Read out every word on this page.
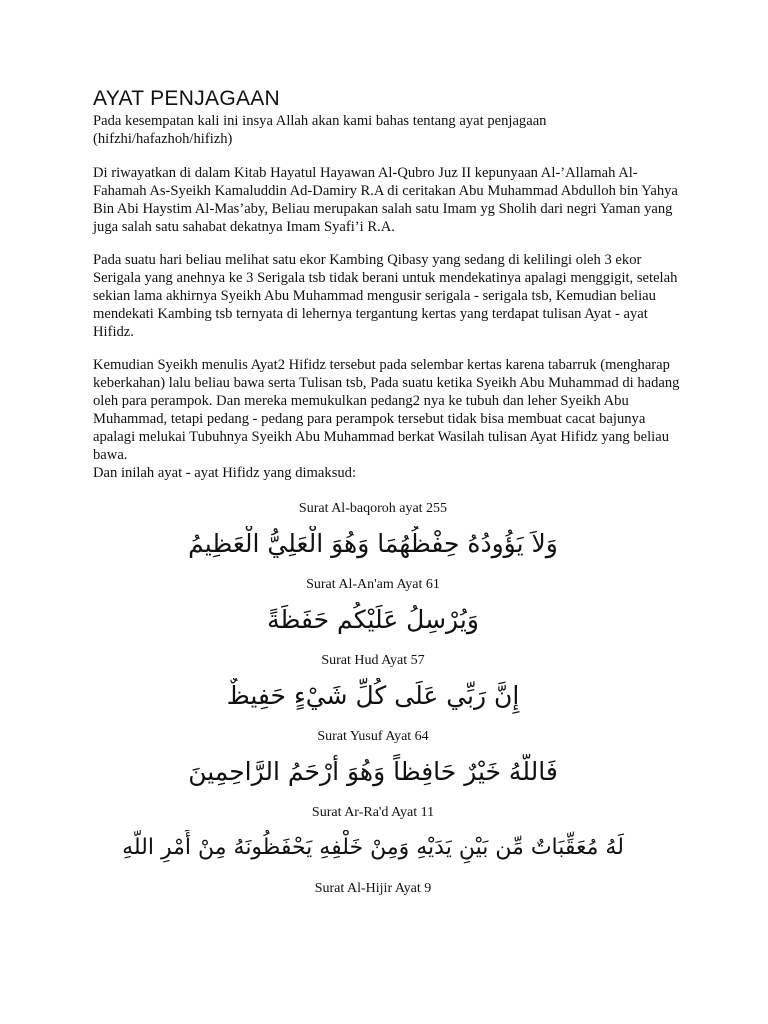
AYAT PENJAGAAN

Pada kesempatan kali ini insya Allah akan kami bahas tentang ayat penjagaan (hifzhi/hafazhoh/hifizh)

Di riwayatkan di dalam Kitab Hayatul Hayawan Al-Qubro Juz II kepunyaan Al-’Allamah Al-Fahamah As-Syeikh Kamaluddin Ad-Damiry R.A di ceritakan Abu Muhammad Abdulloh bin Yahya Bin Abi Haystim Al-Mas’aby, Beliau merupakan salah satu Imam yg Sholih dari negri Yaman yang juga salah satu sahabat dekatnya Imam Syafi’i R.A.

Pada suatu hari beliau melihat satu ekor Kambing Qibasy yang sedang di kelilingi oleh 3 ekor Serigala yang anehnya ke 3 Serigala tsb tidak berani untuk mendekatinya apalagi menggigit, setelah sekian lama akhirnya Syeikh Abu Muhammad mengusir serigala - serigala tsb, Kemudian beliau mendekati Kambing tsb ternyata di lehernya tergantung kertas yang terdapat tulisan Ayat - ayat Hifidz.

Kemudian Syeikh menulis Ayat2 Hifidz tersebut pada selembar kertas karena tabarruk (mengharap keberkahan) lalu beliau bawa serta Tulisan tsb, Pada suatu ketika Syeikh Abu Muhammad di hadang oleh para perampok. Dan mereka memukulkan pedang2 nya ke tubuh dan leher Syeikh Abu Muhammad, tetapi pedang - pedang para perampok tersebut tidak bisa membuat cacat bajunya apalagi melukai Tubuhnya Syeikh Abu Muhammad berkat Wasilah tulisan Ayat Hifidz yang beliau bawa.

Dan inilah ayat - ayat Hifidz yang dimaksud:

Surat Al-baqoroh ayat 255

وَلاَ يَؤُودُهُ حِفْظُهُمَا وَهُوَ الْعَلِيُّ الْعَظِيمُ

Surat Al-An'am Ayat 61

وَيُرْسِلُ عَلَيْكُم حَفَظَةً

Surat Hud Ayat 57

إِنَّ رَبِّي عَلَى كُلِّ شَيْءٍ حَفِيظٌ

Surat Yusuf Ayat 64

فَاللَّهُ خَيْرٌ حَافِظاً وَهُوَ أَرْحَمُ الرَّاحِمِينَ

Surat Ar-Ra'd Ayat 11

لَهُ مُعَقِّبَاتٌ مِّن بَيْنِ يَدَيْهِ وَمِنْ خَلْفِهِ يَحْفَظُونَهُ مِنْ أَمْرِ اللَّهِ

Surat Al-Hijir Ayat 9
